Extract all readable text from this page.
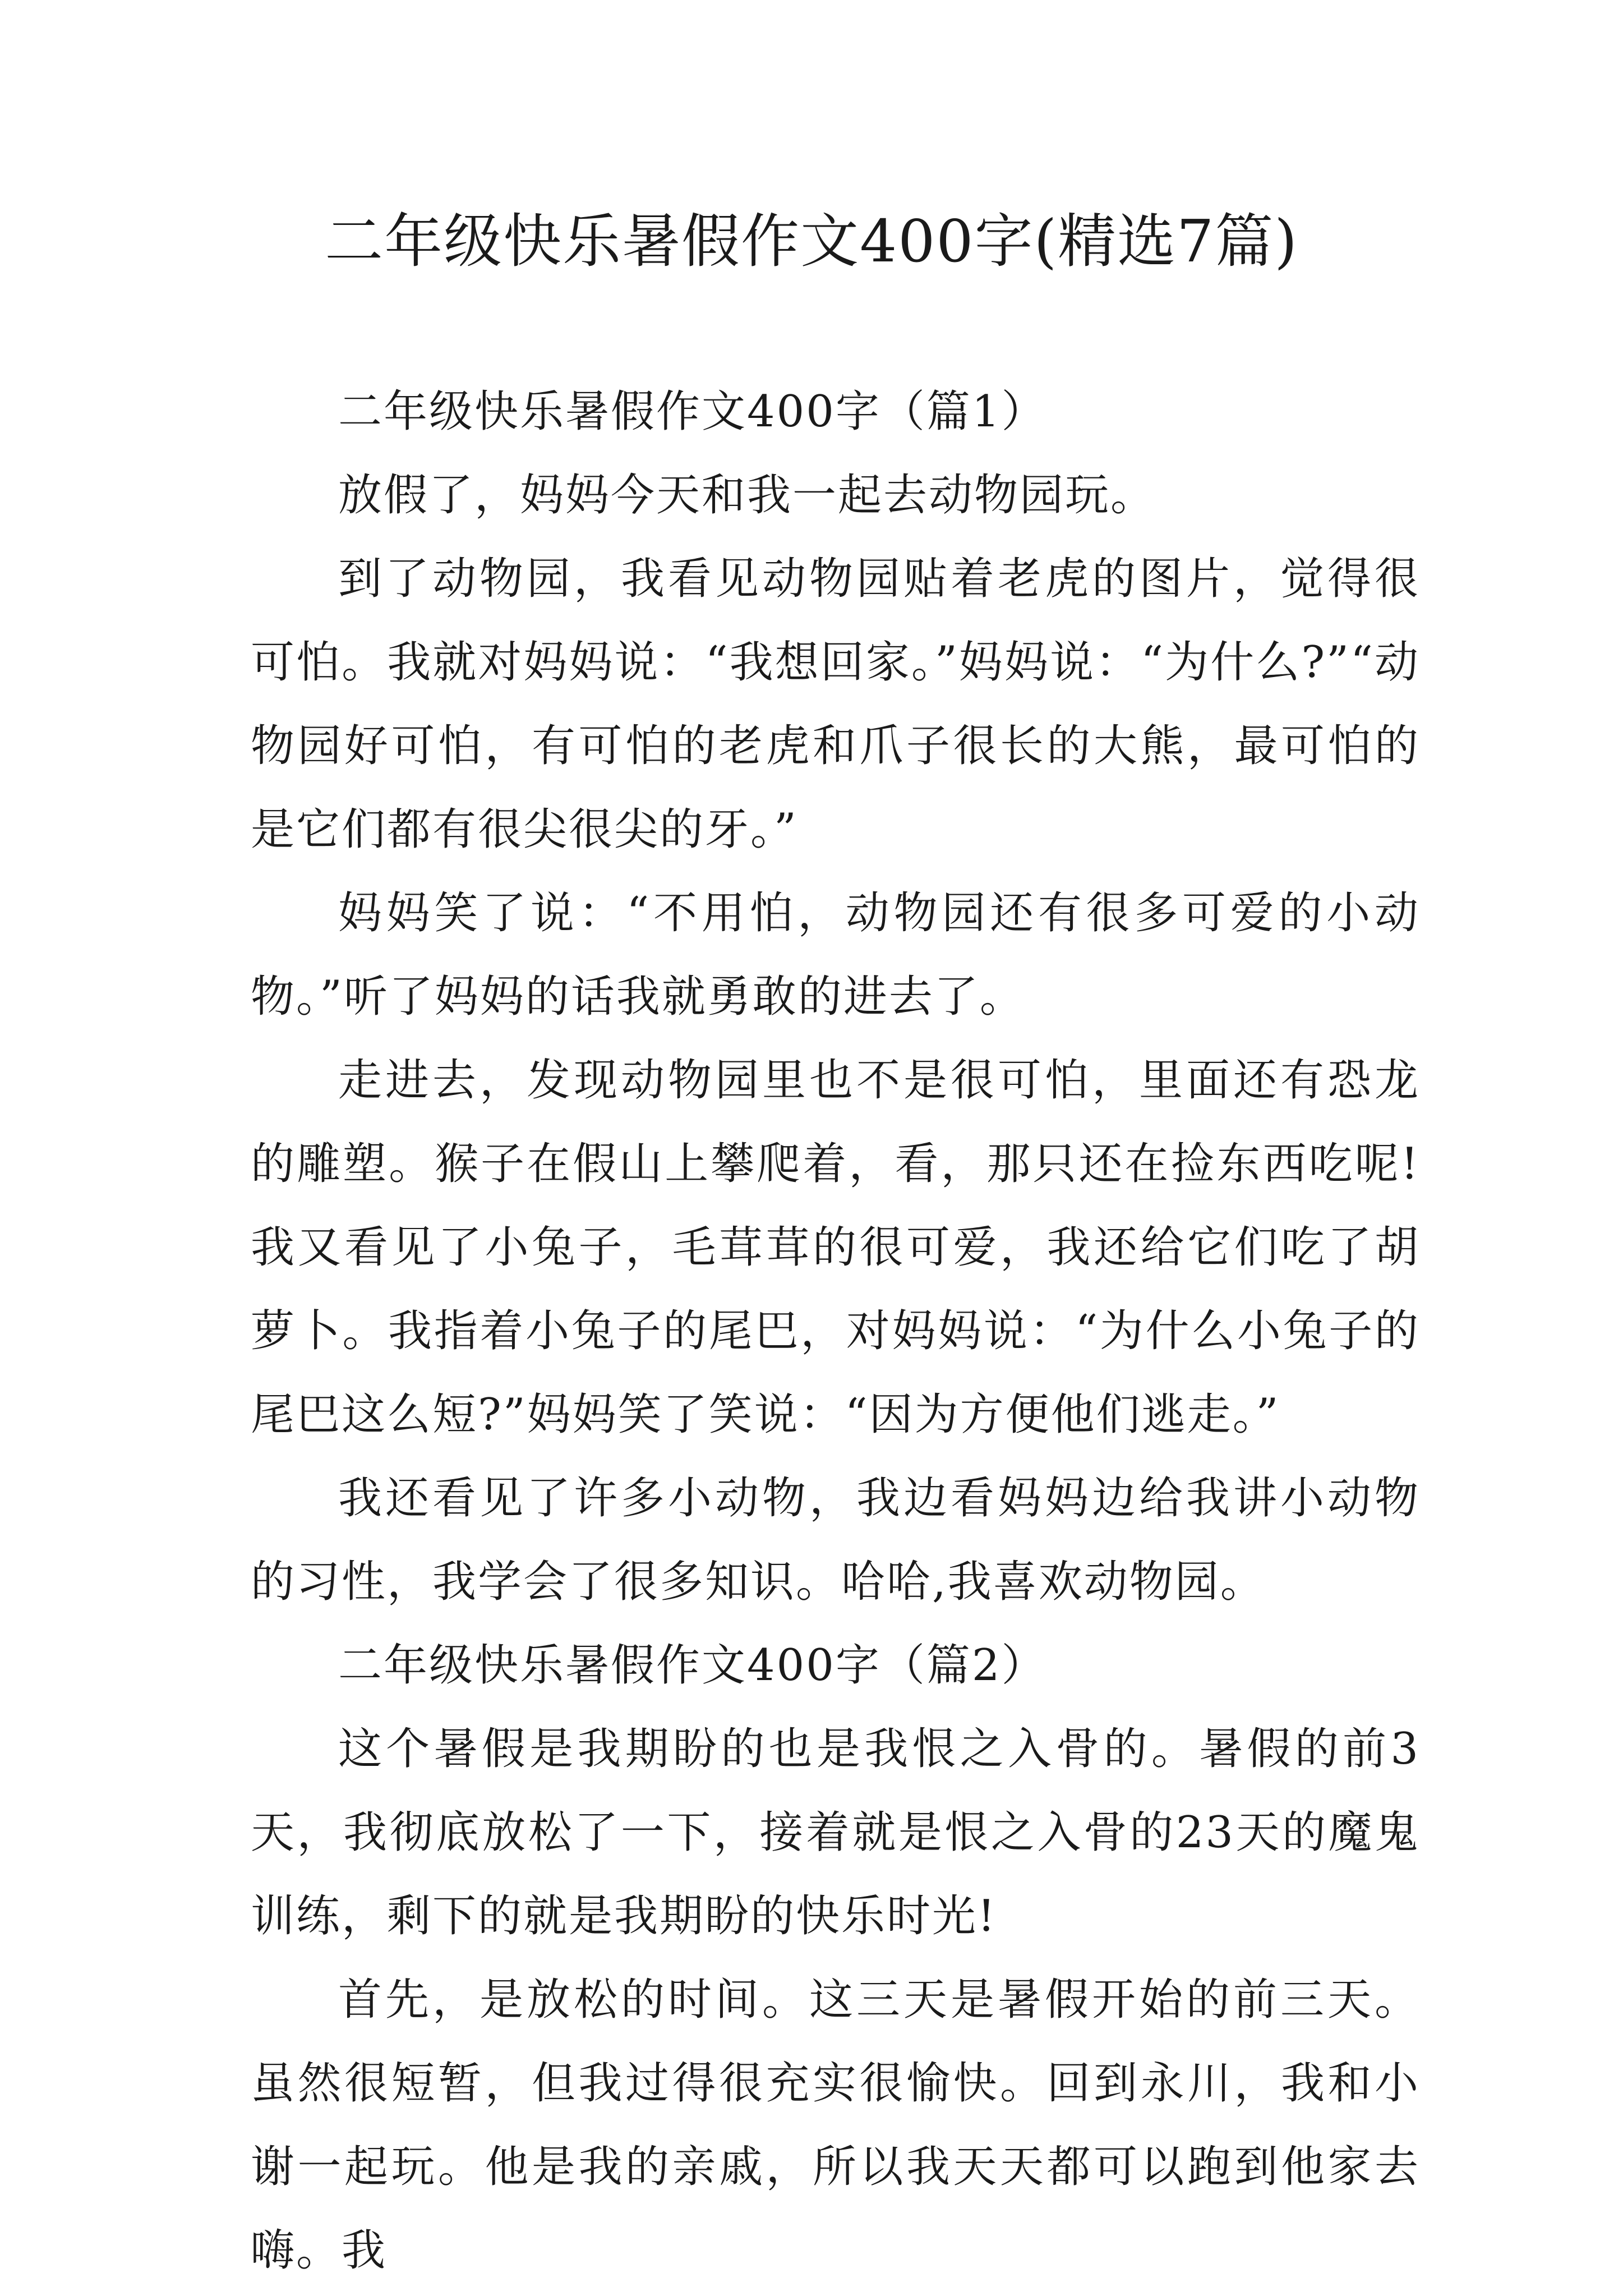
二年级快乐暑假作文400字(精选7篇)

二年级快乐暑假作文400字（篇1）

放假了，妈妈今天和我一起去动物园玩。

到了动物园，我看见动物园贴着老虎的图片，觉得很可怕。我就对妈妈说：“我想回家。”妈妈说：“为什么?”“动物园好可怕，有可怕的老虎和爪子很长的大熊，最可怕的是它们都有很尖很尖的牙。”

妈妈笑了说：“不用怕，动物园还有很多可爱的小动物。”听了妈妈的话我就勇敢的进去了。

走进去，发现动物园里也不是很可怕，里面还有恐龙的雕塑。猴子在假山上攀爬着，看，那只还在捡东西吃呢!我又看见了小兔子，毛茸茸的很可爱，我还给它们吃了胡萝卜。我指着小兔子的尾巴，对妈妈说：“为什么小兔子的尾巴这么短?”妈妈笑了笑说：“因为方便他们逃走。”

我还看见了许多小动物，我边看妈妈边给我讲小动物的习性，我学会了很多知识。哈哈,我喜欢动物园。

二年级快乐暑假作文400字（篇2）

这个暑假是我期盼的也是我恨之入骨的。暑假的前3天，我彻底放松了一下，接着就是恨之入骨的23天的魔鬼训练，剩下的就是我期盼的快乐时光!

首先，是放松的时间。这三天是暑假开始的前三天。虽然很短暂，但我过得很充实很愉快。回到永川，我和小谢一起玩。他是我的亲戚，所以我天天都可以跑到他家去嗨。我
